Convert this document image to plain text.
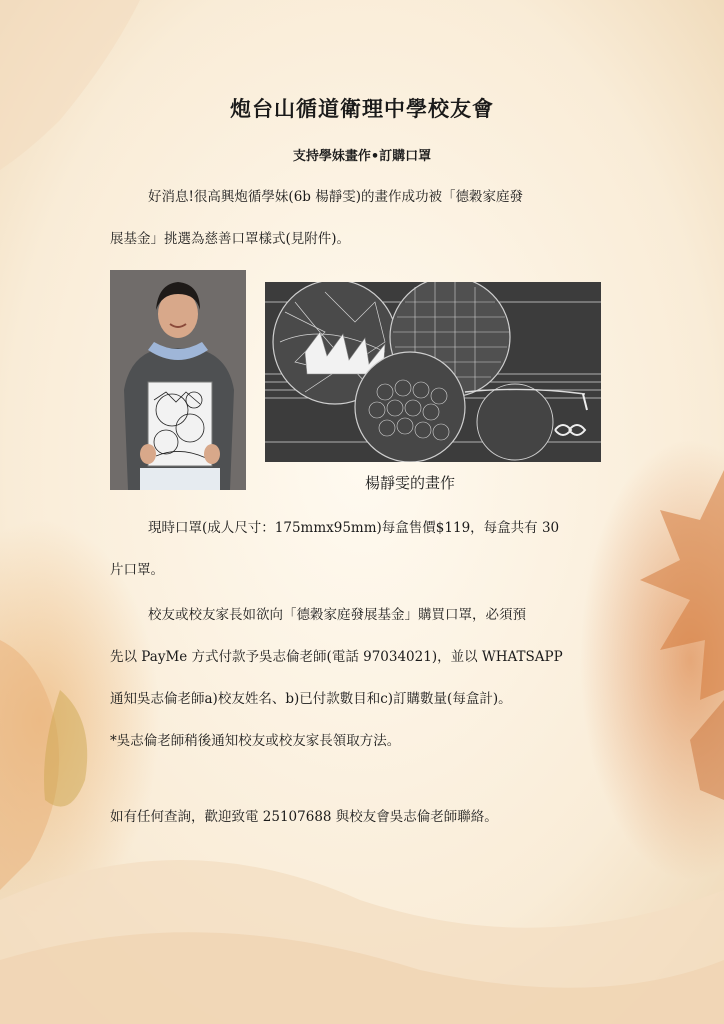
炮台山循道衛理中學校友會
支持學妹畫作•訂購口罩

好消息!很高興炮循學妹(6b 楊靜雯)的畫作成功被「德穀家庭發

展基金」挑選為慈善口罩樣式(見附件)。

楊靜雯的畫作

現時口罩(成人尺寸：175mmx95mm)每盒售價$119，每盒共有 30

片口罩。

校友或校友家長如欲向「德穀家庭發展基金」購買口罩，必須預

先以 PayMe 方式付款予吳志倫老師(電話 97034021)，並以 WHATSAPP

通知吳志倫老師a)校友姓名、b)已付款數目和c)訂購數量(每盒計)。

*吳志倫老師稍後通知校友或校友家長領取方法。

如有任何查詢，歡迎致電 25107688 與校友會吳志倫老師聯絡。
